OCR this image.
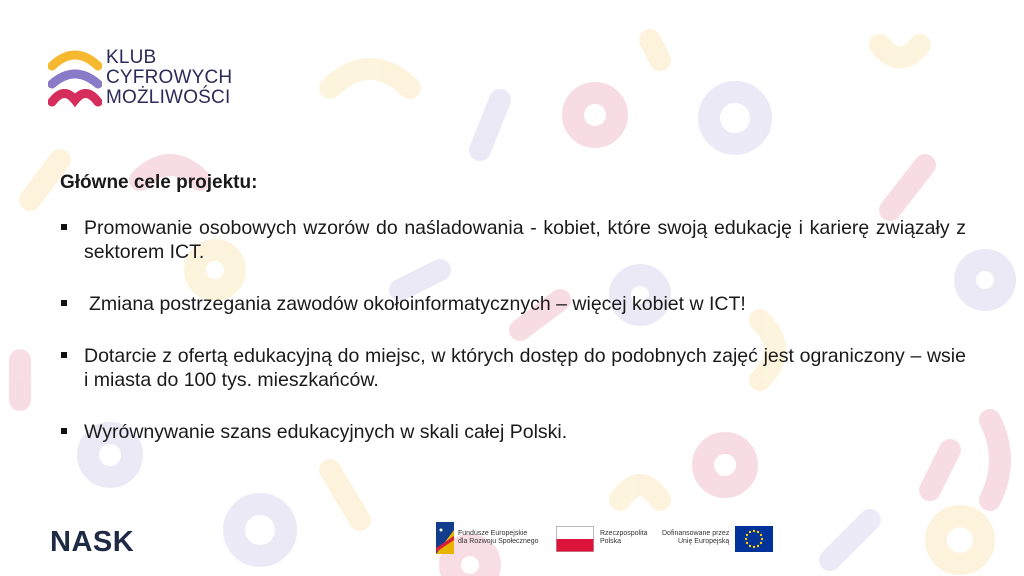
KLUB
CYFROWYCH
MOŻLIWOŚCI
Główne cele projektu:
Promowanie osobowych wzorów do naśladowania - kobiet, które swoją edukację i karierę związały z sektorem ICT.
Zmiana postrzegania zawodów okołoinformatycznych – więcej kobiet w ICT!
Dotarcie z ofertą edukacyjną do miejsc, w których dostęp do podobnych zajęć jest ograniczony – wsie i miasta do 100 tys. mieszkańców.
Wyrównywanie szans edukacyjnych w skali całej Polski.
NASK	Fundusze Europejskie
dla Rozwoju Społecznego
Rzeczpospolita
Polska
Dofinansowane przez
Unię Europejską
